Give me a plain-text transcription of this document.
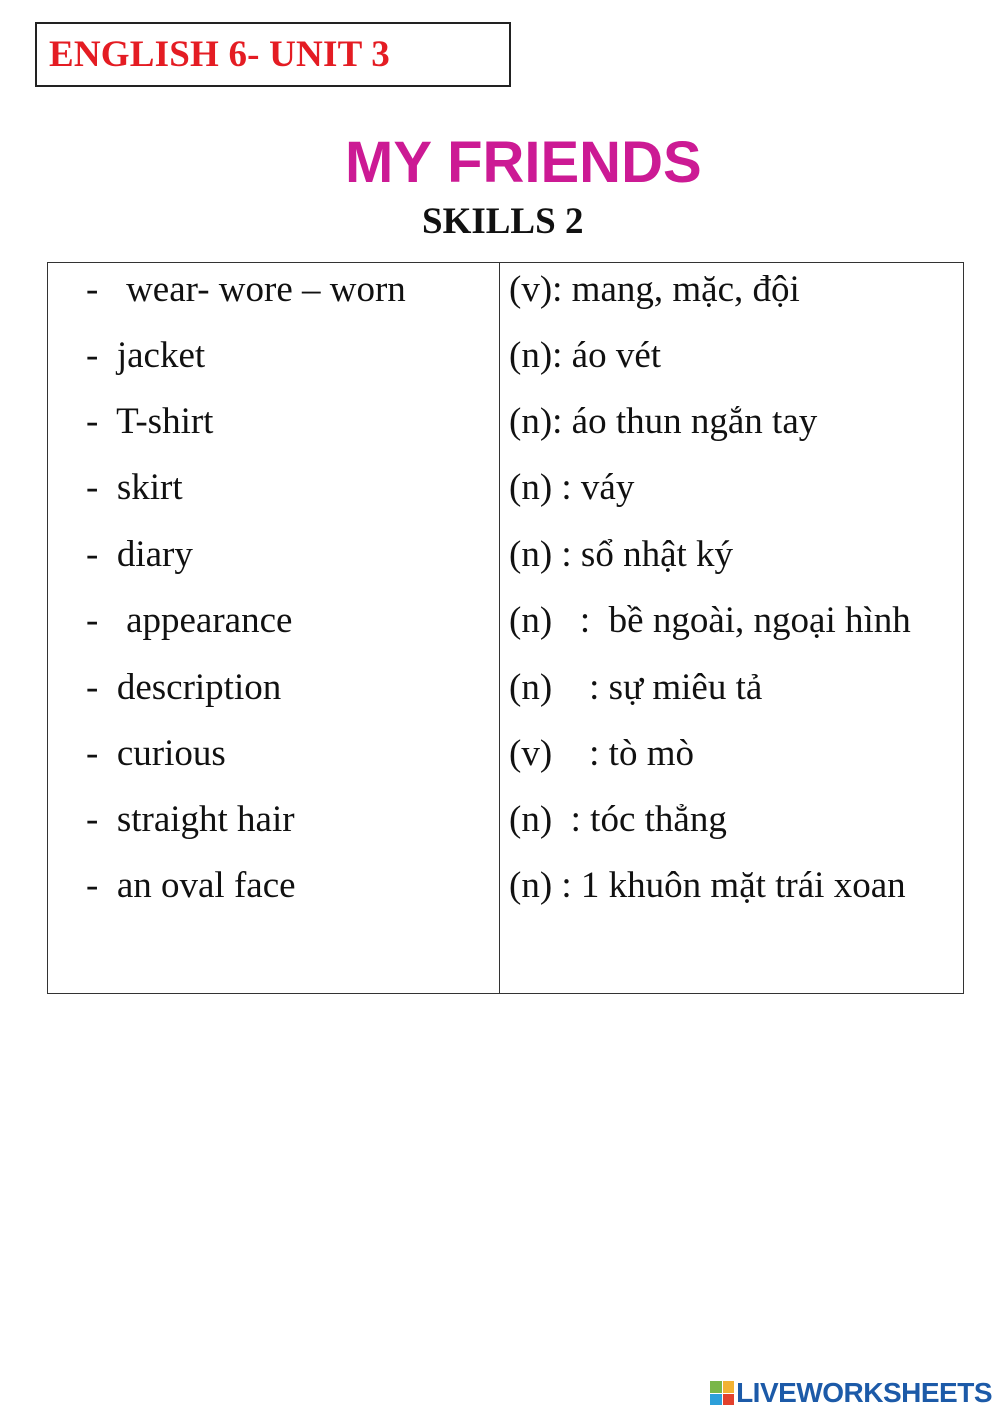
ENGLISH 6- UNIT 3
MY FRIENDS
SKILLS 2
-   wear- wore – worn	(v): mang, mặc, đội
-  jacket	(n): áo vét
-  T-shirt	(n): áo thun ngắn tay
-  skirt	(n) : váy
-  diary	(n) : sổ nhật ký
-   appearance	(n)   :  bề ngoài, ngoại hình
-  description	(n)    : sự miêu tả
-  curious	(v)    : tò mò
-  straight hair	(n)  : tóc thẳng
-  an oval face	(n) : 1 khuôn mặt trái xoan
LIVEWORKSHEETS
